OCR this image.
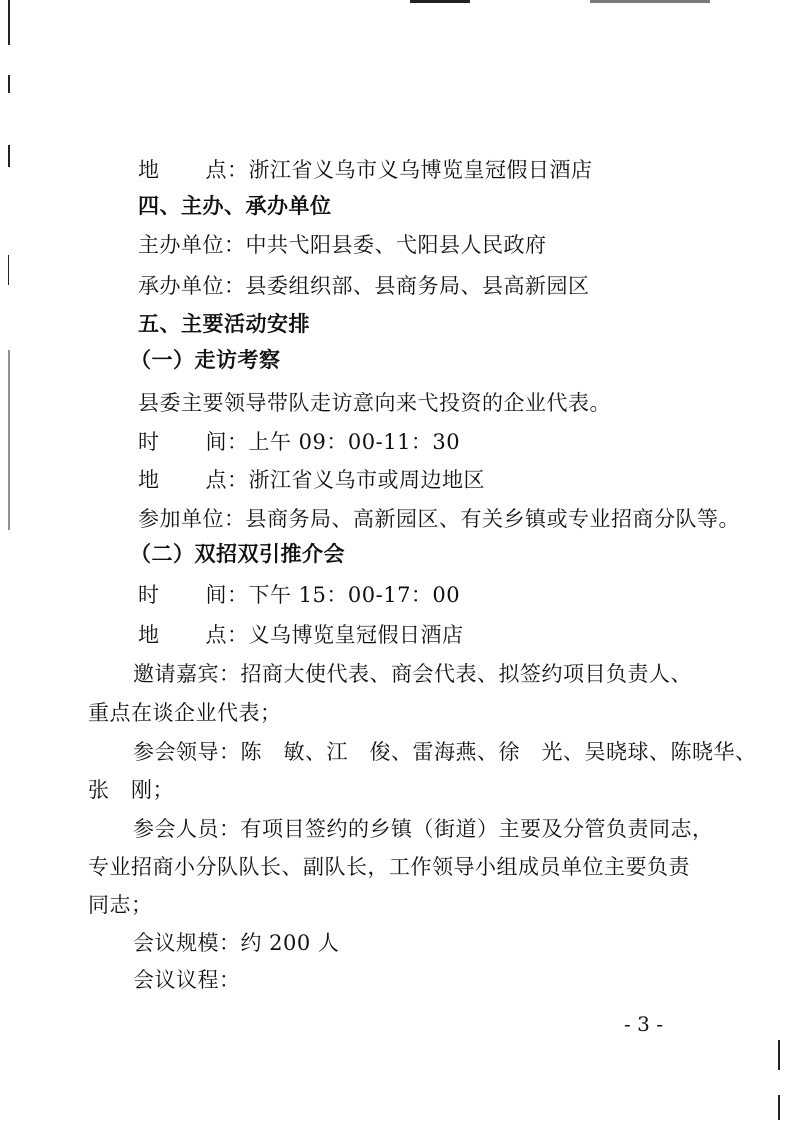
地 点：浙江省义乌市义乌博览皇冠假日酒店
四、主办、承办单位
主办单位：中共弋阳县委、弋阳县人民政府
承办单位：县委组织部、县商务局、县高新园区
五、主要活动安排
（一）走访考察
县委主要领导带队走访意向来弋投资的企业代表。
时 间：上午 09：00-11：30
地 点：浙江省义乌市或周边地区
参加单位：县商务局、高新园区、有关乡镇或专业招商分队等。
（二）双招双引推介会
时 间：下午 15：00-17：00
地 点：义乌博览皇冠假日酒店
邀请嘉宾：招商大使代表、商会代表、拟签约项目负责人、
重点在谈企业代表；
参会领导：陈　敏、江　俊、雷海燕、徐　光、吴晓球、陈晓华、
张　刚；
参会人员：有项目签约的乡镇（街道）主要及分管负责同志，
专业招商小分队队长、副队长，工作领导小组成员单位主要负责
同志；
会议规模：约 200 人
会议议程：
- 3 -
